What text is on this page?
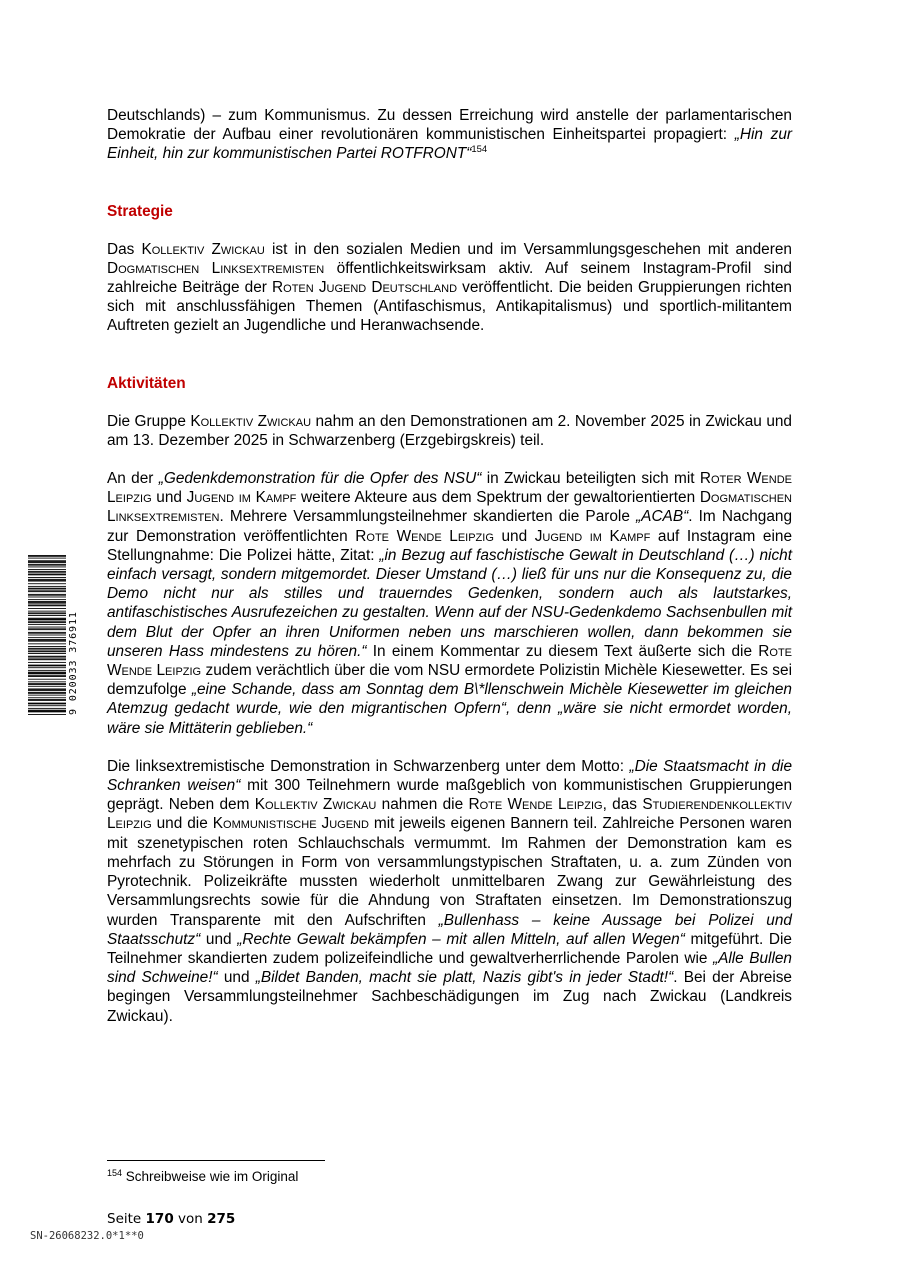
Deutschlands) – zum Kommunismus. Zu dessen Erreichung wird anstelle der parlamentarischen Demokratie der Aufbau einer revolutionären kommunistischen Einheitspartei propagiert: „Hin zur Einheit, hin zur kommunistischen Partei ROTFRONT“$^{154}$

Strategie

Das Kollektiv Zwickau ist in den sozialen Medien und im Versammlungsgeschehen mit anderen Dogmatischen Linksextremisten öffentlichkeitswirksam aktiv. Auf seinem Instagram-Profil sind zahlreiche Beiträge der Roten Jugend Deutschland veröffentlicht. Die beiden Gruppierungen richten sich mit anschlussfähigen Themen (Antifaschismus, Antikapitalismus) und sportlich-militantem Auftreten gezielt an Jugendliche und Heranwachsende.

Aktivitäten

Die Gruppe Kollektiv Zwickau nahm an den Demonstrationen am 2. November 2025 in Zwickau und am 13. Dezember 2025 in Schwarzenberg (Erzgebirgskreis) teil.

An der „Gedenkdemonstration für die Opfer des NSU“ in Zwickau beteiligten sich mit Roter Wende Leipzig und Jugend im Kampf weitere Akteure aus dem Spektrum der gewaltorientierten Dogmatischen Linksextremisten. Mehrere Versammlungsteilnehmer skandierten die Parole „ACAB“. Im Nachgang zur Demonstration veröffentlichten Rote Wende Leipzig und Jugend im Kampf auf Instagram eine Stellungnahme: Die Polizei hätte, Zitat: „in Bezug auf faschistische Gewalt in Deutschland (…) nicht einfach versagt, sondern mitgemordet. Dieser Umstand (…) ließ für uns nur die Konsequenz zu, die Demo nicht nur als stilles und trauerndes Gedenken, sondern auch als lautstarkes, antifaschistisches Ausrufezeichen zu gestalten. Wenn auf der NSU-Gedenkdemo Sachsenbullen mit dem Blut der Opfer an ihren Uniformen neben uns marschieren wollen, dann bekommen sie unseren Hass mindestens zu hören.“ In einem Kommentar zu diesem Text äußerte sich die Rote Wende Leipzig zudem verächtlich über die vom NSU ermordete Polizistin Michèle Kiesewetter. Es sei demzufolge „eine Schande, dass am Sonntag dem B\*llenschwein Michèle Kiesewetter im gleichen Atemzug gedacht wurde, wie den migrantischen Opfern“, denn „wäre sie nicht ermordet worden, wäre sie Mittäterin geblieben.“

Die linksextremistische Demonstration in Schwarzenberg unter dem Motto: „Die Staatsmacht in die Schranken weisen“ mit 300 Teilnehmern wurde maßgeblich von kommunistischen Gruppierungen geprägt. Neben dem Kollektiv Zwickau nahmen die Rote Wende Leipzig, das Studierendenkollektiv Leipzig und die Kommunistische Jugend mit jeweils eigenen Bannern teil. Zahlreiche Personen waren mit szenetypischen roten Schlauchschals vermummt. Im Rahmen der Demonstration kam es mehrfach zu Störungen in Form von versammlungstypischen Straftaten, u. a. zum Zünden von Pyrotechnik. Polizeikräfte mussten wiederholt unmittelbaren Zwang zur Gewährleistung des Versammlungsrechts sowie für die Ahndung von Straftaten einsetzen. Im Demonstrationszug wurden Transparente mit den Aufschriften „Bullenhass – keine Aussage bei Polizei und Staatsschutz“ und „Rechte Gewalt bekämpfen – mit allen Mitteln, auf allen Wegen“ mitgeführt. Die Teilnehmer skandierten zudem polizeifeindliche und gewaltverherrlichende Parolen wie „Alle Bullen sind Schweine!“ und „Bildet Banden, macht sie platt, Nazis gibt's in jeder Stadt!“. Bei der Abreise begingen Versammlungsteilnehmer Sachbeschädigungen im Zug nach Zwickau (Landkreis Zwickau).

9 020033 376911
$^{154}$ Schreibweise wie im Original
Seite 170 von 275
SN-26068232.0*1**0
